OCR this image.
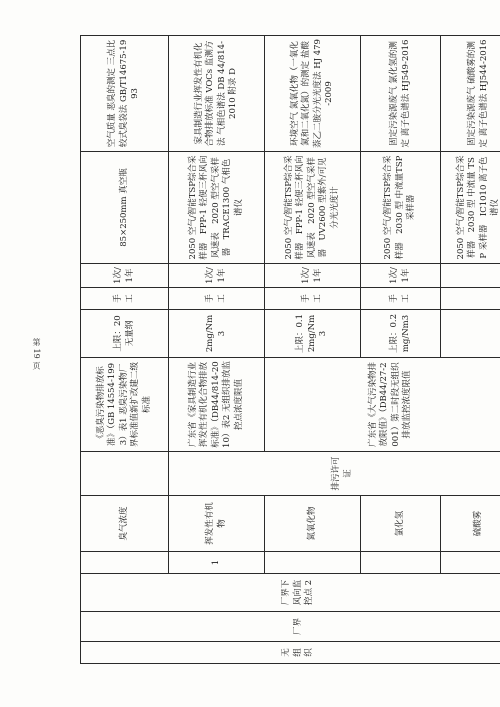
第 19 页
无组织	厂界	厂界下风向监控点 2		臭气浓度		《恶臭污染物排放标准》（GB 14554-1993）表1 恶臭污染物厂界标准值新扩改建二级标准	上限：20 无量纲	手工	1次/1年	85×250mm 真空瓶	空气质量 恶臭的测定 三点比较式臭袋法 GB/T14675-1993
			1	挥发性有机物	排污许可证	广东省《家具制造行业挥发性有机化合物排放标准》（DB44/814-2010）表2 无组织排放监控点浓度限值	2mg/Nm3	手工	1次/1年	2050 空气/智能TSP综合采样器　FPP-1 轻便三杯风向风速表　2020 型空气采样器　TRACE1300 气相色谱仪	家具制造行业挥发性有机化合物排放标准 VOCs 监测方法 气相色谱法 DB 44/814-2010 附录 D
				氮氧化物		广东省《大气污染物排放限值》（DB44/27-2001）第二时段无组织排放监控浓度限值	上限：0.12mg/Nm3	手工	1次/1年	2050 空气/智能TSP综合采样器　FPP-1 轻便三杯风向风速表　2020 型空气采样器　UV2600 型紫外/可见分光光度计	环境空气 氮氧化物（一氧化氮和二氧化氮）的测定 盐酸萘乙二胺分光光度法 HJ 479-2009
				氯化氢			上限：0.2mg/Nm3	手工	1次/1年	2050 空气/智能TSP综合采样器　2030 型 中流量TSP采样器	固定污染源废气 氯化氢的测定 离子色谱法 HJ549-2016
				硫酸雾						2050 空气/智能TSP综合采样器　2030 型 中流量 TSP 采样器　IC1010 离子色谱仪	固定污染源废气 硫酸雾的测定 离子色谱法 HJ544-2016
